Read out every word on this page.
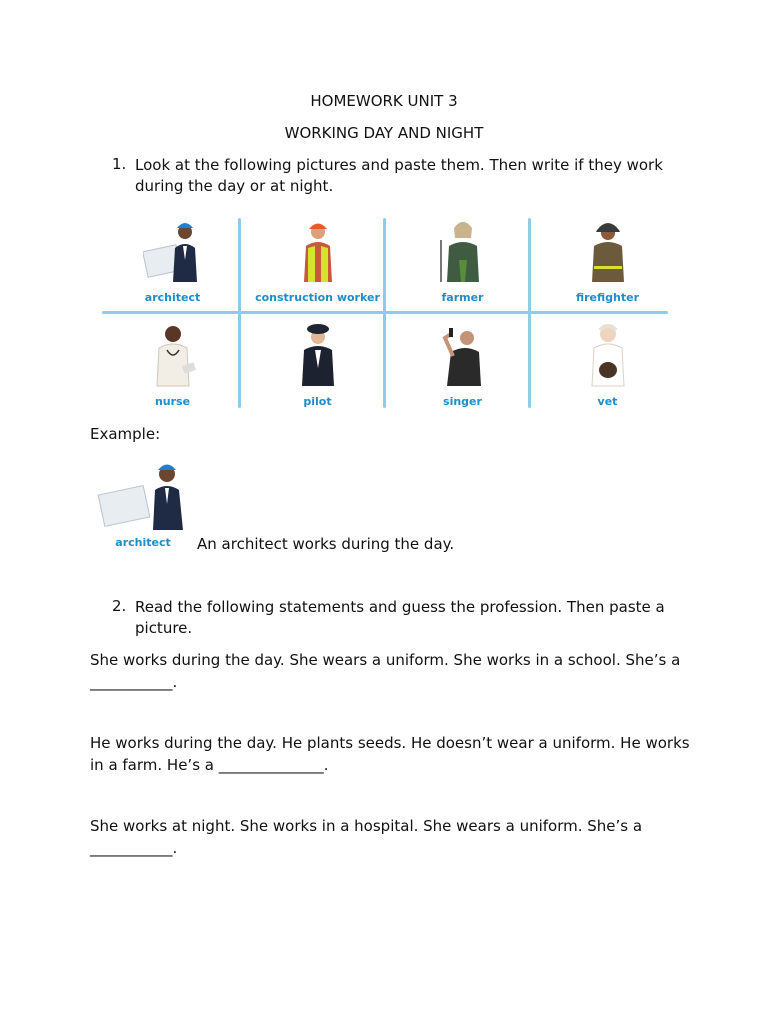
HOMEWORK UNIT 3
WORKING DAY AND NIGHT
1. Look at the following pictures and paste them. Then write if they work during the day or at night.
architect	construction worker	farmer	firefighter
nurse	pilot	singer	vet
Example:
architect	An architect works during the day.
2. Read the following statements and guess the profession. Then paste a picture.
She works during the day. She wears a uniform. She works in a school. She’s a ___________.
He works during the day. He plants seeds. He doesn’t wear a uniform. He works in a farm. He’s a ______________.
She works at night. She works in a hospital. She wears a uniform. She’s a ___________.
